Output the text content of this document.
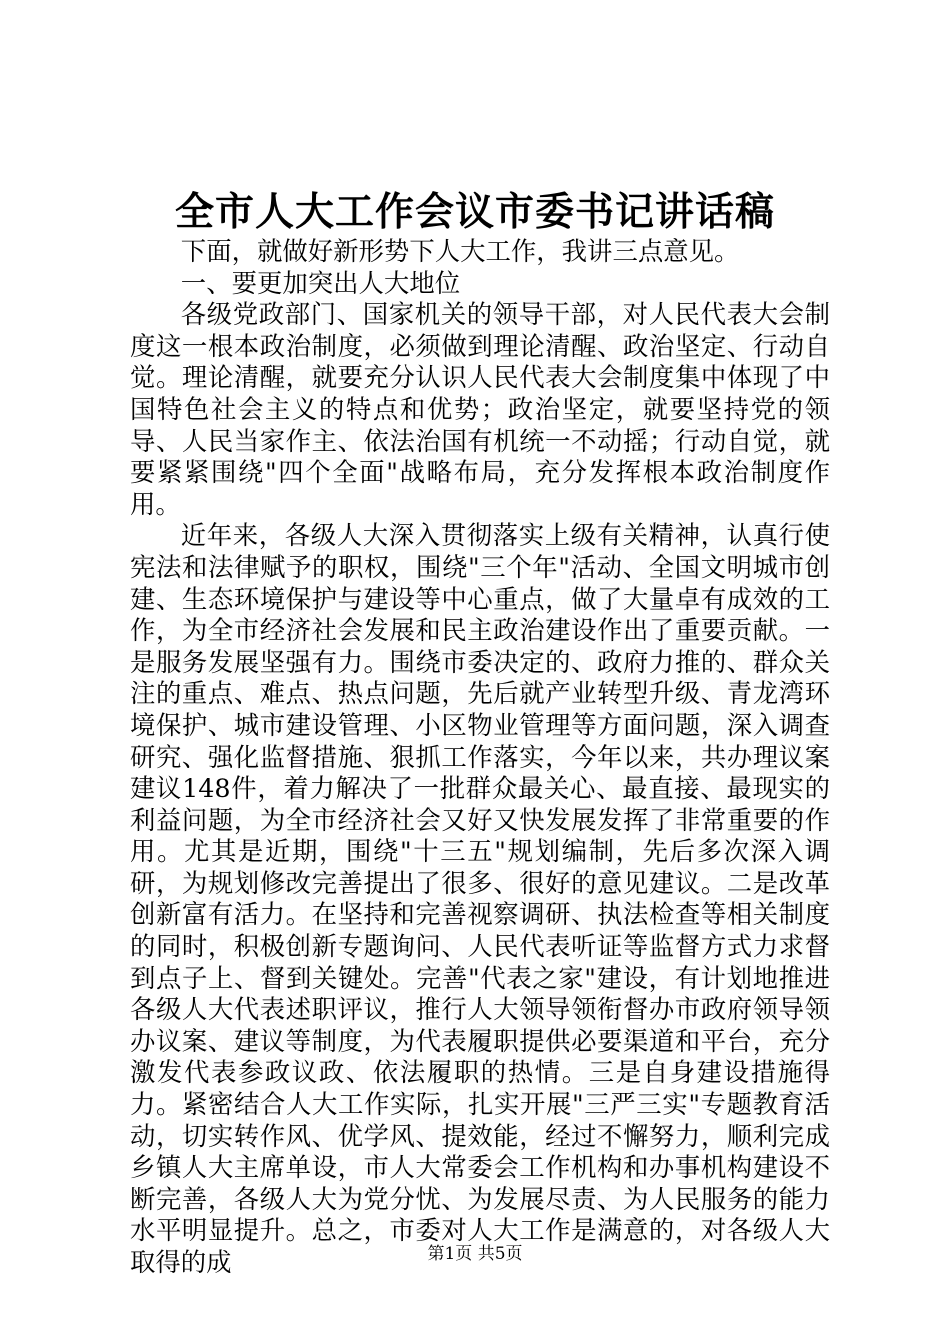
全市人大工作会议市委书记讲话稿

下面，就做好新形势下人大工作，我讲三点意见。

一、要更加突出人大地位

各级党政部门、国家机关的领导干部，对人民代表大会制度这一根本政治制度，必须做到理论清醒、政治坚定、行动自觉。理论清醒，就要充分认识人民代表大会制度集中体现了中国特色社会主义的特点和优势；政治坚定，就要坚持党的领导、人民当家作主、依法治国有机统一不动摇；行动自觉，就要紧紧围绕"四个全面"战略布局，充分发挥根本政治制度作用。

近年来，各级人大深入贯彻落实上级有关精神，认真行使宪法和法律赋予的职权，围绕"三个年"活动、全国文明城市创建、生态环境保护与建设等中心重点，做了大量卓有成效的工作，为全市经济社会发展和民主政治建设作出了重要贡献。一是服务发展坚强有力。围绕市委决定的、政府力推的、群众关注的重点、难点、热点问题，先后就产业转型升级、青龙湾环境保护、城市建设管理、小区物业管理等方面问题，深入调查研究、强化监督措施、狠抓工作落实，今年以来，共办理议案建议148件，着力解决了一批群众最关心、最直接、最现实的利益问题，为全市经济社会又好又快发展发挥了非常重要的作用。尤其是近期，围绕"十三五"规划编制，先后多次深入调研，为规划修改完善提出了很多、很好的意见建议。二是改革创新富有活力。在坚持和完善视察调研、执法检查等相关制度的同时，积极创新专题询问、人民代表听证等监督方式力求督到点子上、督到关键处。完善"代表之家"建设，有计划地推进各级人大代表述职评议，推行人大领导领衔督办市政府领导领办议案、建议等制度，为代表履职提供必要渠道和平台，充分激发代表参政议政、依法履职的热情。三是自身建设措施得力。紧密结合人大工作实际，扎实开展"三严三实"专题教育活动，切实转作风、优学风、提效能，经过不懈努力，顺利完成乡镇人大主席单设，市人大常委会工作机构和办事机构建设不断完善，各级人大为党分忧、为发展尽责、为人民服务的能力水平明显提升。总之，市委对人大工作是满意的，对各级人大取得的成	第1页 共5页
